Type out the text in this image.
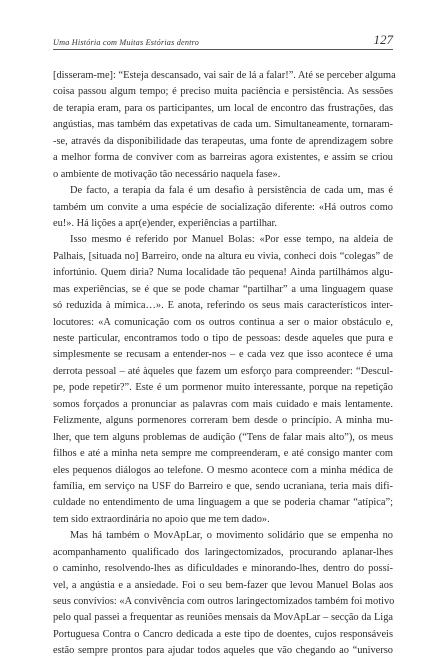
Uma História com Muitas Estórias dentro	127
[disseram-me]: “Esteja descansado, vai sair de lá a falar!”. Até se perceber alguma
coisa passou algum tempo; é preciso muita paciência e persistência. As sessões
de terapia eram, para os participantes, um local de encontro das frustrações, das
angústias, mas também das expetativas de cada um. Simultaneamente, tornaram-
-se, através da disponibilidade das terapeutas, uma fonte de aprendizagem sobre
a melhor forma de conviver com as barreiras agora existentes, e assim se criou
o ambiente de motivação tão necessário naquela fase».
De facto, a terapia da fala é um desafio à persistência de cada um, mas é
também um convite a uma espécie de socialização diferente: «Há outros como
eu!». Há lições a apr(e)ender, experiências a partilhar.
Isso mesmo é referido por Manuel Bolas: «Por esse tempo, na aldeia de
Palhais, [situada no] Barreiro, onde na altura eu vivia, conheci dois “colegas” de
infortúnio. Quem diria? Numa localidade tão pequena! Ainda partilhámos algu-
mas experiências, se é que se pode chamar “partilhar” a uma linguagem quase
só reduzida à mímica…». E anota, referindo os seus mais característicos inter-
locutores: «A comunicação com os outros continua a ser o maior obstáculo e,
neste particular, encontramos todo o tipo de pessoas: desde aqueles que pura e
simplesmente se recusam a entender-nos – e cada vez que isso acontece é uma
derrota pessoal – até àqueles que fazem um esforço para compreender: “Descul-
pe, pode repetir?”. Este é um pormenor muito interessante, porque na repetição
somos forçados a pronunciar as palavras com mais cuidado e mais lentamente.
Felizmente, alguns pormenores correram bem desde o princípio. A minha mu-
lher, que tem alguns problemas de audição (“Tens de falar mais alto”), os meus
filhos e até a minha neta sempre me compreenderam, e até consigo manter com
eles pequenos diálogos ao telefone. O mesmo acontece com a minha médica de
família, em serviço na USF do Barreiro e que, sendo ucraniana, teria mais difi-
culdade no entendimento de uma linguagem a que se poderia chamar “atípica”;
tem sido extraordinária no apoio que me tem dado».
Mas há também o MovApLar, o movimento solidário que se empenha no
acompanhamento qualificado dos laringectomizados, procurando aplanar-lhes
o caminho, resolvendo-lhes as dificuldades e minorando-lhes, dentro do possí-
vel, a angústia e a ansiedade. Foi o seu bem-fazer que levou Manuel Bolas aos
seus convívios: «A convivência com outros laringectomizados também foi motivo
pelo qual passei a frequentar as reuniões mensais da MovApLar – secção da Liga
Portuguesa Contra o Cancro dedicada a este tipo de doentes, cujos responsáveis
estão sempre prontos para ajudar todos aqueles que vão chegando ao “universo
